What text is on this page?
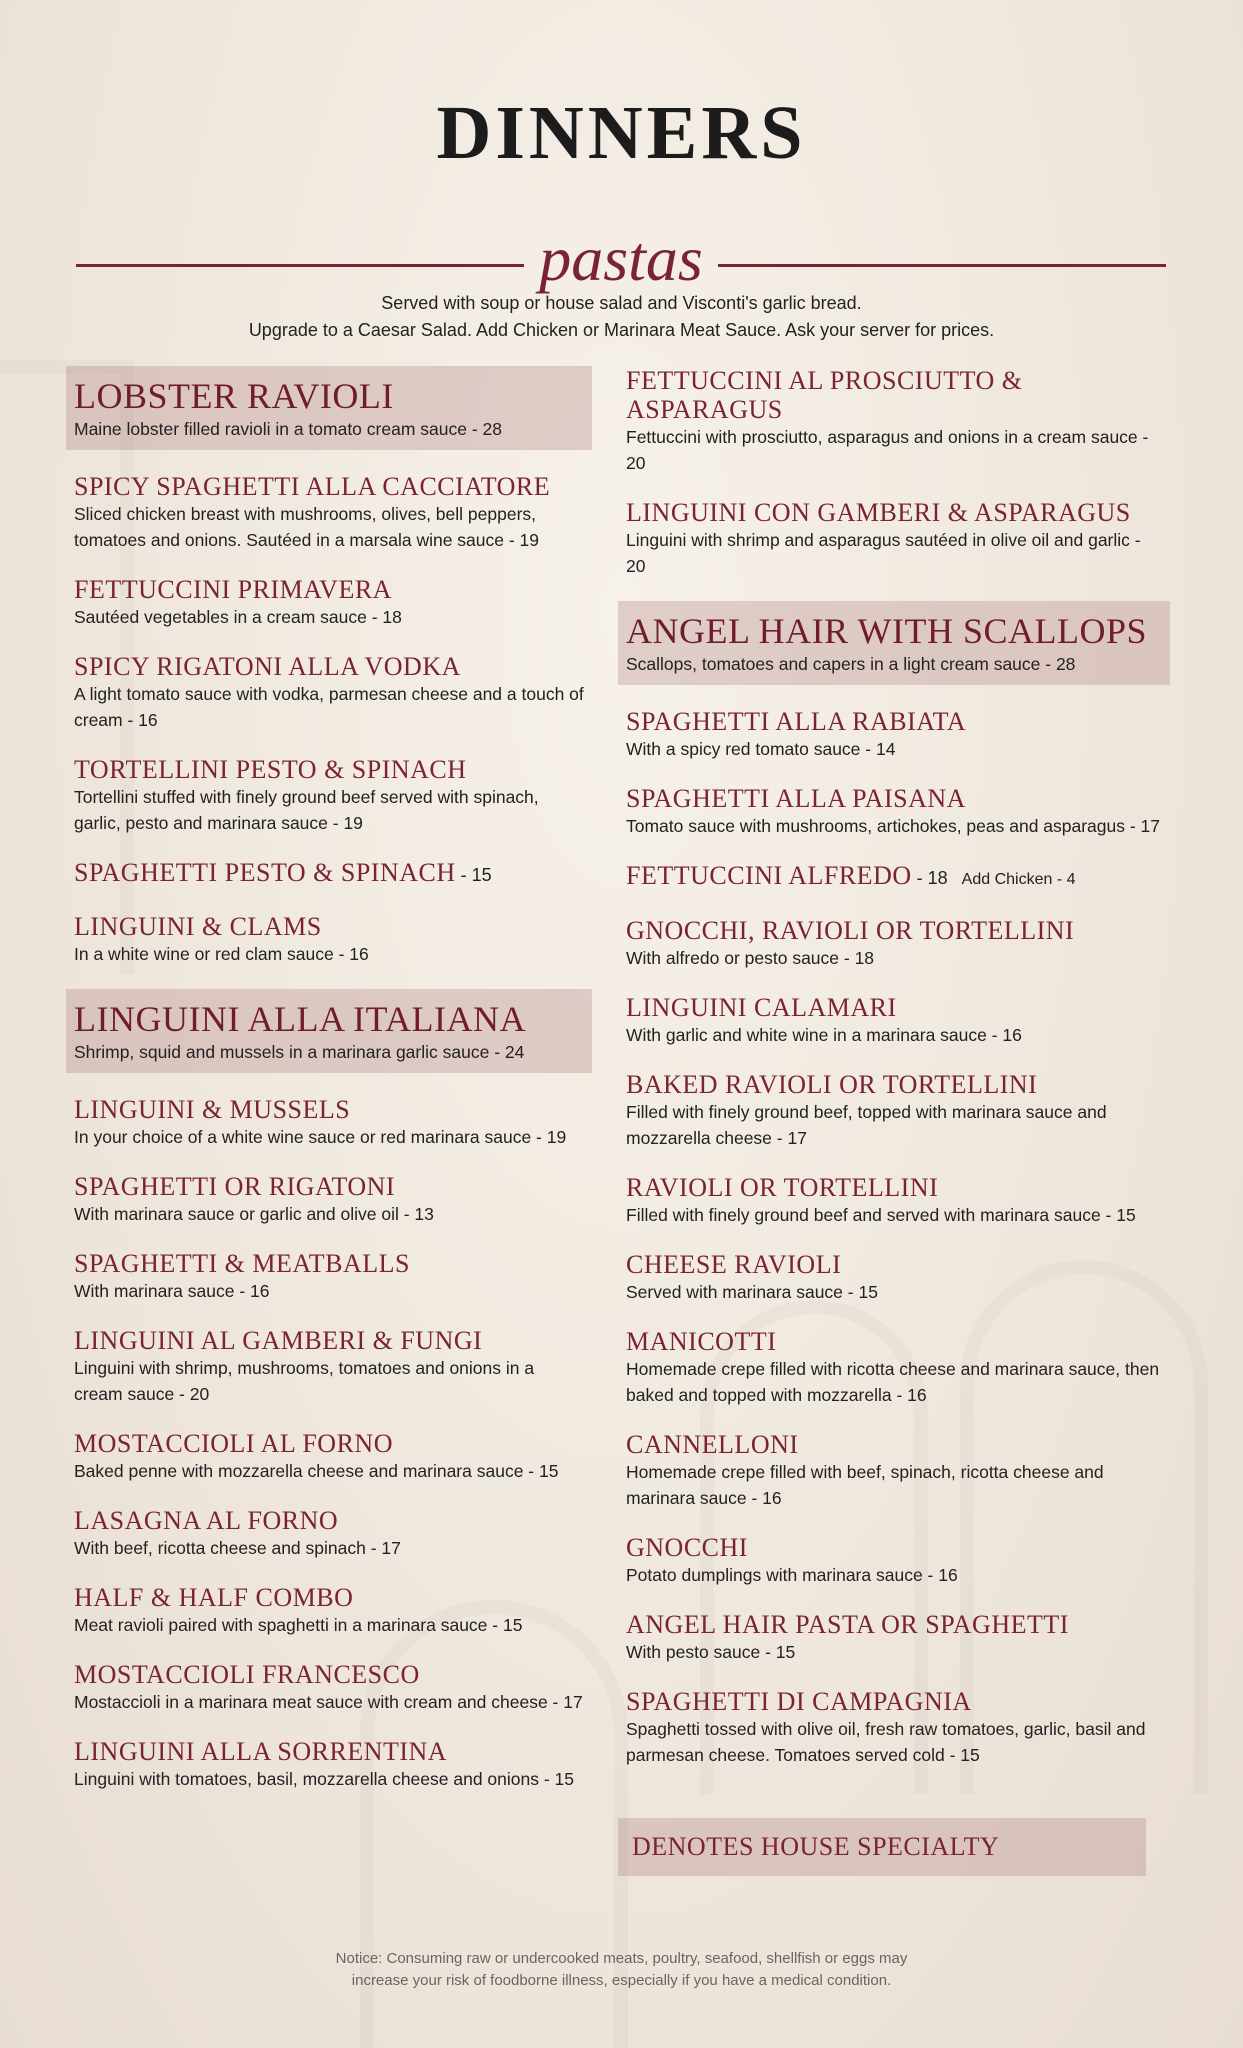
DINNERS
pastas
Served with soup or house salad and Visconti's garlic bread.
Upgrade to a Caesar Salad. Add Chicken or Marinara Meat Sauce. Ask your server for prices.
LOBSTER RAVIOLI
Maine lobster filled ravioli in a tomato cream sauce - 28
SPICY SPAGHETTI ALLA CACCIATORE
Sliced chicken breast with mushrooms, olives, bell peppers, tomatoes and onions. Sautéed in a marsala wine sauce - 19
FETTUCCINI PRIMAVERA
Sautéed vegetables in a cream sauce - 18
SPICY RIGATONI ALLA VODKA
A light tomato sauce with vodka, parmesan cheese and a touch of cream - 16
TORTELLINI PESTO & SPINACH
Tortellini stuffed with finely ground beef served with spinach, garlic, pesto and marinara sauce - 19
SPAGHETTI PESTO & SPINACH - 15
LINGUINI & CLAMS
In a white wine or red clam sauce - 16
LINGUINI ALLA ITALIANA
Shrimp, squid and mussels in a marinara garlic sauce - 24
LINGUINI & MUSSELS
In your choice of a white wine sauce or red marinara sauce - 19
SPAGHETTI OR RIGATONI
With marinara sauce or garlic and olive oil - 13
SPAGHETTI & MEATBALLS
With marinara sauce - 16
LINGUINI AL GAMBERI & FUNGI
Linguini with shrimp, mushrooms, tomatoes and onions in a cream sauce - 20
MOSTACCIOLI AL FORNO
Baked penne with mozzarella cheese and marinara sauce - 15
LASAGNA AL FORNO
With beef, ricotta cheese and spinach - 17
HALF & HALF COMBO
Meat ravioli paired with spaghetti in a marinara sauce - 15
MOSTACCIOLI FRANCESCO
Mostaccioli in a marinara meat sauce with cream and cheese - 17
LINGUINI ALLA SORRENTINA
Linguini with tomatoes, basil, mozzarella cheese and onions - 15
FETTUCCINI AL PROSCIUTTO & ASPARAGUS
Fettuccini with prosciutto, asparagus and onions in a cream sauce - 20
LINGUINI CON GAMBERI & ASPARAGUS
Linguini with shrimp and asparagus sautéed in olive oil and garlic - 20
ANGEL HAIR WITH SCALLOPS
Scallops, tomatoes and capers in a light cream sauce - 28
SPAGHETTI ALLA RABIATA
With a spicy red tomato sauce - 14
SPAGHETTI ALLA PAISANA
Tomato sauce with mushrooms, artichokes, peas and asparagus - 17
FETTUCCINI ALFREDO - 18 Add Chicken - 4
GNOCCHI, RAVIOLI OR TORTELLINI
With alfredo or pesto sauce - 18
LINGUINI CALAMARI
With garlic and white wine in a marinara sauce - 16
BAKED RAVIOLI OR TORTELLINI
Filled with finely ground beef, topped with marinara sauce and mozzarella cheese - 17
RAVIOLI OR TORTELLINI
Filled with finely ground beef and served with marinara sauce - 15
CHEESE RAVIOLI
Served with marinara sauce - 15
MANICOTTI
Homemade crepe filled with ricotta cheese and marinara sauce, then baked and topped with mozzarella - 16
CANNELLONI
Homemade crepe filled with beef, spinach, ricotta cheese and marinara sauce - 16
GNOCCHI
Potato dumplings with marinara sauce - 16
ANGEL HAIR PASTA OR SPAGHETTI
With pesto sauce - 15
SPAGHETTI DI CAMPAGNIA
Spaghetti tossed with olive oil, fresh raw tomatoes, garlic, basil and parmesan cheese. Tomatoes served cold - 15
DENOTES HOUSE SPECIALTY
Notice: Consuming raw or undercooked meats, poultry, seafood, shellfish or eggs may
increase your risk of foodborne illness, especially if you have a medical condition.
